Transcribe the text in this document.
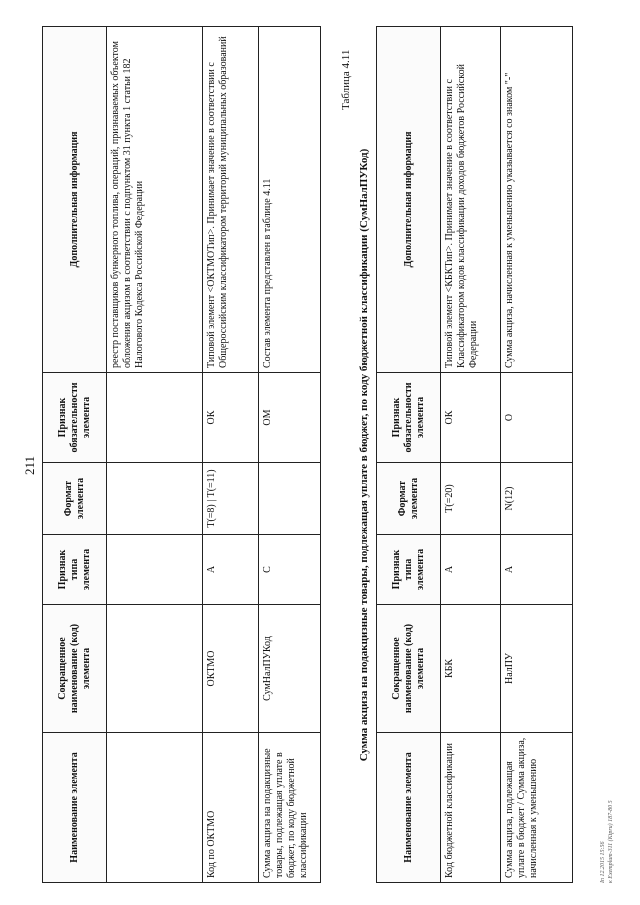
211
Наименование элемента	Сокращенное наименование (код) элемента	Признак типа элемента	Формат элемента	Признак обязательности элемента	Дополнительная информация
					реестр поставщиков бункерного топлива, операций, признаваемых объектом обложения акцизом в соответствии с подпунктом 31 пункта 1 статьи 182 Налогового Кодекса Российской Федерации
Код по ОКТМО	ОКТМО	A	T(=8) | T(=11)	ОК	Типовой элемент <ОКТМОТип>. Принимает значение в соответствии с Общероссийским классификатором территорий муниципальных образований
Сумма акциза на подакцизные товары, подлежащая уплате в бюджет, по коду бюджетной классификации	СумНалПУКод	С		ОМ	Состав элемента представлен в таблице 4.11
Таблица 4.11
Сумма акциза на подакцизные товары, подлежащая уплате в бюджет, по коду бюджетной классификации (СумНалПУКод)
Наименование элемента	Сокращенное наименование (код) элемента	Признак типа элемента	Формат элемента	Признак обязательности элемента	Дополнительная информация
Код бюджетной классификации	КБК	A	T(=20)	ОК	Типовой элемент <КБКТип>. Принимает значение в соответствии с Классификатором кодов классификации доходов бюджетов Российской Федерации
Сумма акциза, подлежащая уплате в бюджет / Сумма акциза, начисленная к уменьшению	НалПУ	A	N(12)	О	Сумма акциза, начисленная к уменьшению указывается со знаком "-"
In 12.2015 15:56 к Exemplum-311 (Ktpru) 187-80 5
